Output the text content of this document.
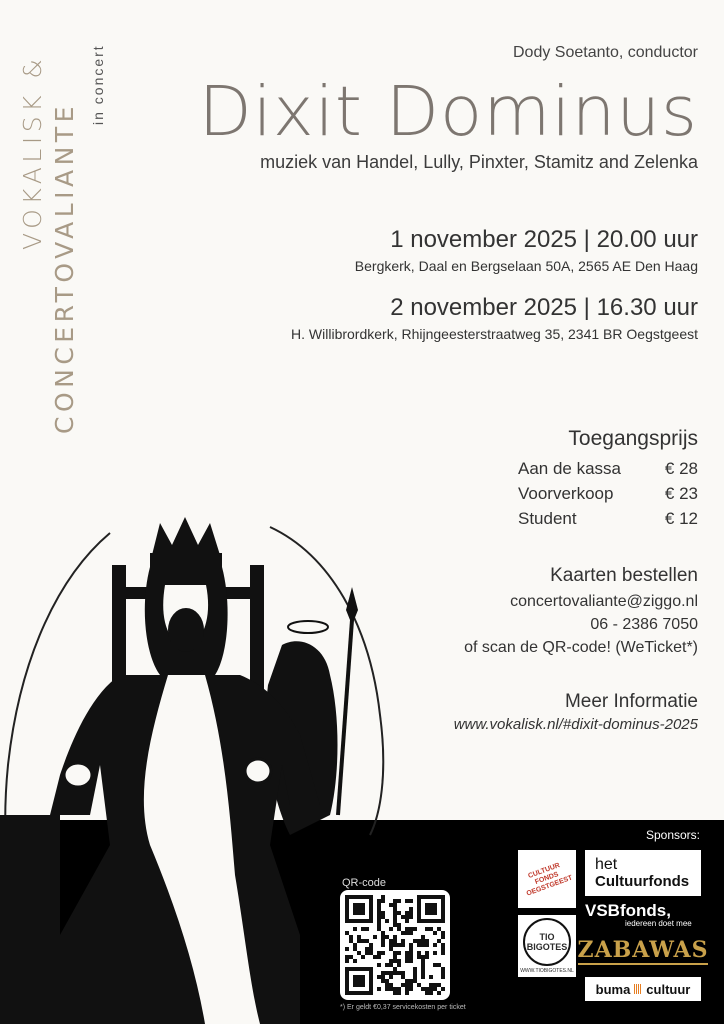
VOKALISK & CONCERTOVALIANTE
in concert	Dody Soetanto, conductor
Dixit Dominus
muziek van Handel, Lully, Pinxter, Stamitz and Zelenka
1 november 2025 | 20.00 uur
Bergkerk, Daal en Bergselaan 50A, 2565 AE Den Haag
2 november 2025 | 16.30 uur
H. Willibrordkerk, Rhijngeesterstraatweg 35, 2341 BR Oegstgeest
Toegangsprijs
Aan de kassa	€ 28
Voorverkoop	€ 23
Student	€ 12
Kaarten bestellen
concertovaliante@ziggo.nl
06 - 2386 7050
of scan de QR-code! (WeTicket*)
Meer Informatie
www.vokalisk.nl/#dixit-dominus-2025
Sponsors:
QR-code
*) Er geldt €0,37 servicekosten per ticket
CULTUUR FONDS OEGSTGEEST
TIO BIGOTES
WWW.TIOBIGOTES.NL
het
Cultuurfonds
VSBfonds,
iedereen doet mee
ZABAWAS
buma cultuur
